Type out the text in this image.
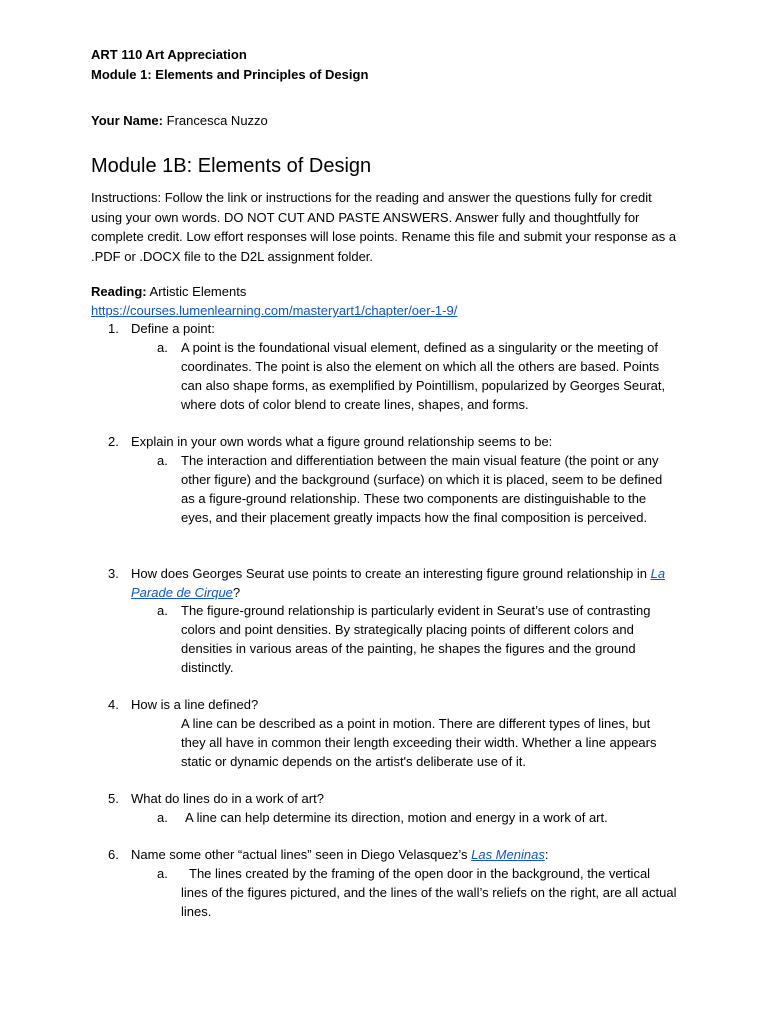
ART 110 Art Appreciation
Module 1: Elements and Principles of Design
Your Name: Francesca Nuzzo
Module 1B: Elements of Design
Instructions: Follow the link or instructions for the reading and answer the questions fully for credit using your own words. DO NOT CUT AND PASTE ANSWERS. Answer fully and thoughtfully for complete credit. Low effort responses will lose points. Rename this file and submit your response as a .PDF or .DOCX file to the D2L assignment folder.
Reading: Artistic Elements
https://courses.lumenlearning.com/masteryart1/chapter/oer-1-9/
1. Define a point:
a. A point is the foundational visual element, defined as a singularity or the meeting of coordinates. The point is also the element on which all the others are based. Points can also shape forms, as exemplified by Pointillism, popularized by Georges Seurat, where dots of color blend to create lines, shapes, and forms.
2. Explain in your own words what a figure ground relationship seems to be:
a. The interaction and differentiation between the main visual feature (the point or any other figure) and the background (surface) on which it is placed, seem to be defined as a figure-ground relationship. These two components are distinguishable to the eyes, and their placement greatly impacts how the final composition is perceived.
3. How does Georges Seurat use points to create an interesting figure ground relationship in La Parade de Cirque?
a. The figure-ground relationship is particularly evident in Seurat’s use of contrasting colors and point densities. By strategically placing points of different colors and densities in various areas of the painting, he shapes the figures and the ground distinctly.
4. How is a line defined?
A line can be described as a point in motion. There are different types of lines, but they all have in common their length exceeding their width. Whether a line appears static or dynamic depends on the artist's deliberate use of it.
5. What do lines do in a work of art?
a.	A line can help determine its direction, motion and energy in a work of art.
6. Name some other “actual lines” seen in Diego Velasquez’s Las Meninas:
a.	The lines created by the framing of the open door in the background, the vertical lines of the figures pictured, and the lines of the wall’s reliefs on the right, are all actual lines.
